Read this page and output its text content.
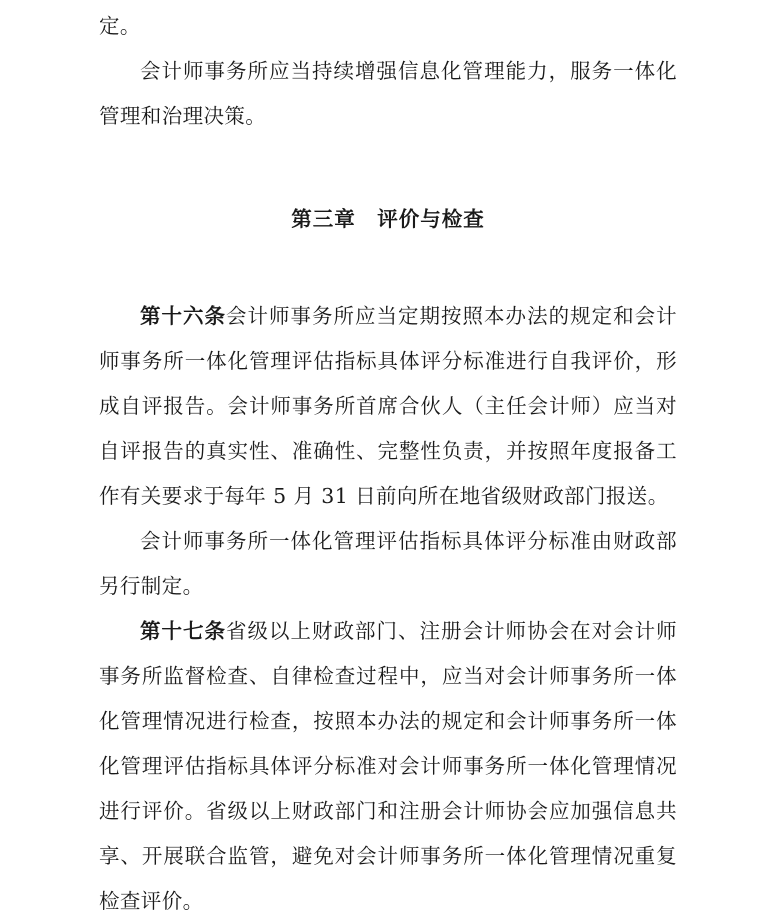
定。

会计师事务所应当持续增强信息化管理能力，服务一体化管理和治理决策。

第三章　评价与检查

第十六条会计师事务所应当定期按照本办法的规定和会计师事务所一体化管理评估指标具体评分标准进行自我评价，形成自评报告。会计师事务所首席合伙人（主任会计师）应当对自评报告的真实性、准确性、完整性负责，并按照年度报备工作有关要求于每年 5 月 31 日前向所在地省级财政部门报送。

会计师事务所一体化管理评估指标具体评分标准由财政部另行制定。

第十七条省级以上财政部门、注册会计师协会在对会计师事务所监督检查、自律检查过程中，应当对会计师事务所一体化管理情况进行检查，按照本办法的规定和会计师事务所一体化管理评估指标具体评分标准对会计师事务所一体化管理情况进行评价。省级以上财政部门和注册会计师协会应加强信息共享、开展联合监管，避免对会计师事务所一体化管理情况重复检查评价。
